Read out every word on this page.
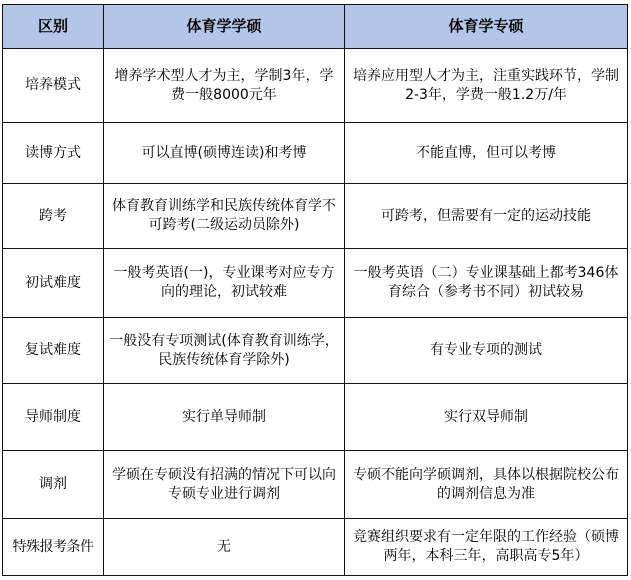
区别	体育学学硕	体育学专硕
培养模式	增养学术型人才为主，学制3年，学费一般8000元年	培养应用型人才为主，注重实践环节，学制2-3年，学费一般1.2万/年
读博方式	可以直博(硕博连读)和考博	不能直博，但可以考博
跨考	体育教育训练学和民族传统体育学不可跨考(二级运动员除外)	可跨考，但需要有一定的运动技能
初试难度	一般考英语(一)，专业课考对应专方向的理论，初试较难	一般考英语（二）专业课基础上都考346体育综合（参考书不同）初试较易
复试难度	一般没有专项测试(体育教育训练学，民族传统体育学除外)	有专业专项的测试
导师制度	实行单导师制	实行双导师制
调剂	学硕在专硕没有招满的情况下可以向专硕专业进行调剂	专硕不能向学硕调剂，具体以根据院校公布的调剂信息为准
特殊报考条件	无	竞赛组织要求有一定年限的工作经验（硕博两年，本科三年，高职高专5年）
